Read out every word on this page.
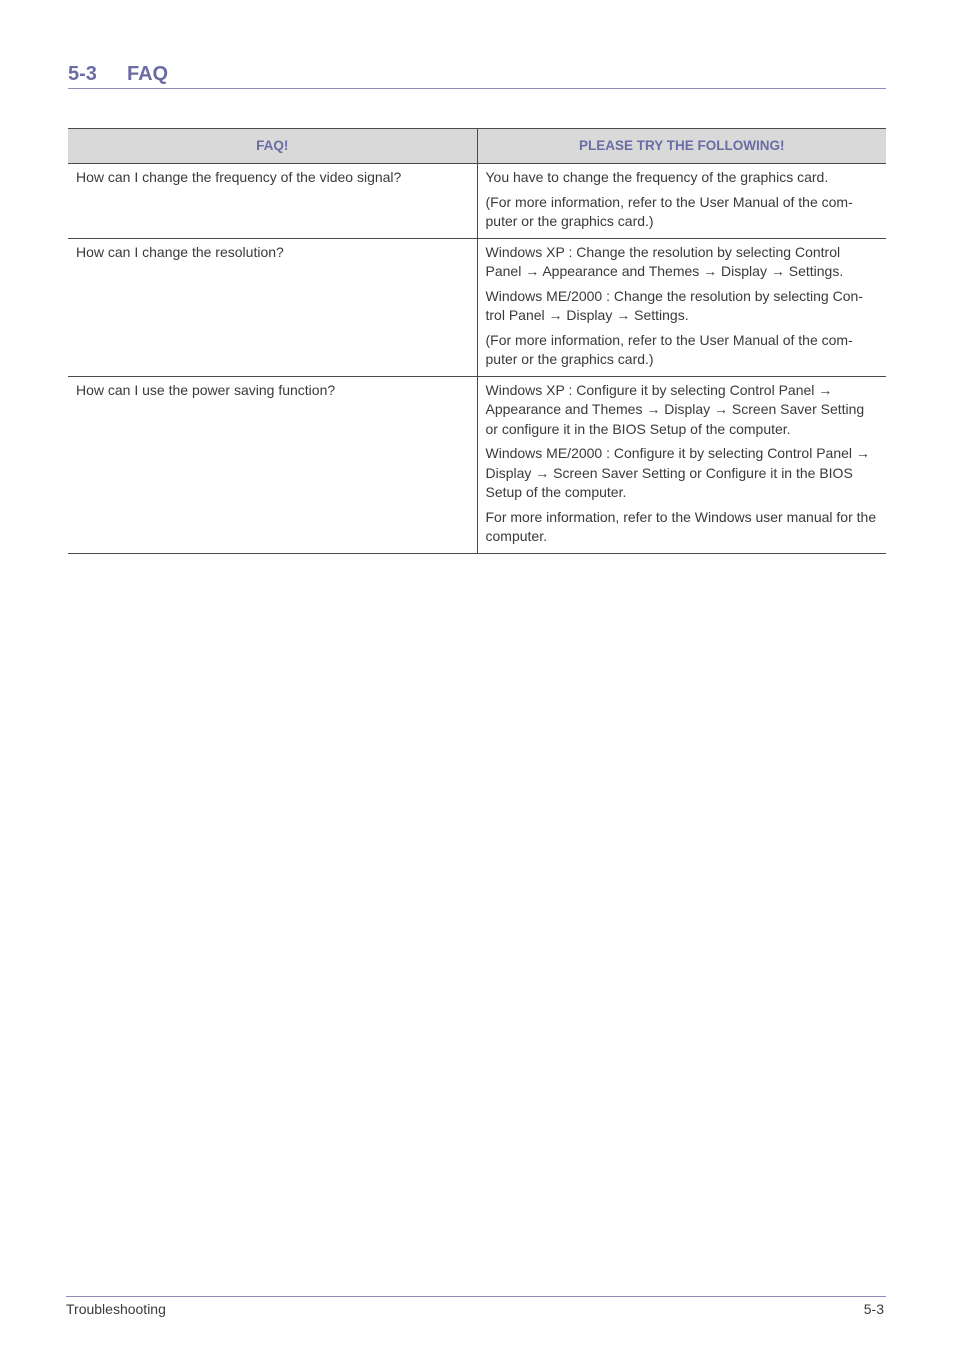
5-3 FAQ
FAQ!	PLEASE TRY THE FOLLOWING!
How can I change the frequency of the video signal?	You have to change the frequency of the graphics card.

(For more information, refer to the User Manual of the com-puter or the graphics card.)

How can I change the resolution?	Windows XP : Change the resolution by selecting Control Panel → Appearance and Themes → Display → Settings.

Windows ME/2000 : Change the resolution by selecting Con-trol Panel → Display → Settings.

(For more information, refer to the User Manual of the com-puter or the graphics card.)

How can I use the power saving function?	Windows XP : Configure it by selecting Control Panel → Appearance and Themes → Display → Screen Saver Setting or configure it in the BIOS Setup of the computer.

Windows ME/2000 : Configure it by selecting Control Panel → Display → Screen Saver Setting or Configure it in the BIOS Setup of the computer.

For more information, refer to the Windows user manual for the computer.

Troubleshooting	5-3
